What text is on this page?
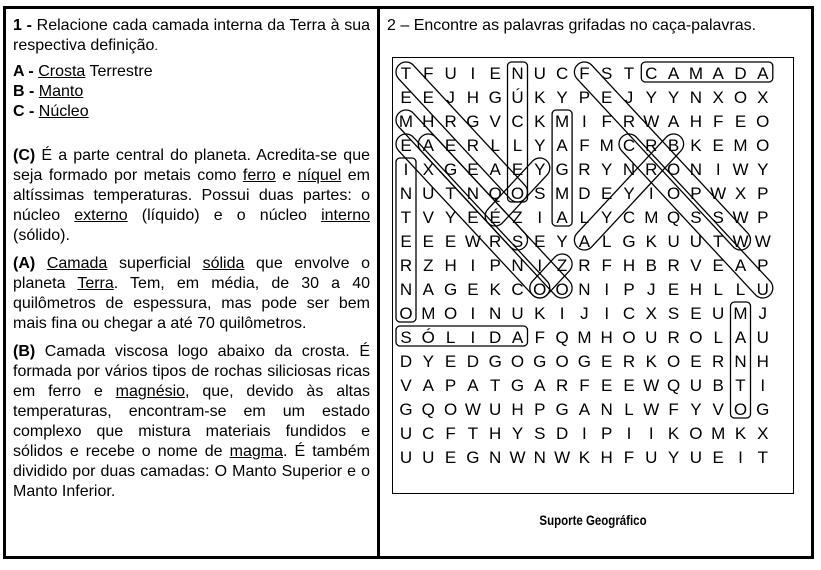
1 - Relacione cada camada interna da Terra à sua respectiva definição.

A - Crosta Terrestre

B - Manto

C - Núcleo

(C) É a parte central do planeta. Acredita-se que seja formado por metais como ferro e níquel em altíssimas temperaturas. Possui duas partes: o núcleo externo (líquido) e o núcleo interno (sólido).

(A) Camada superficial sólida que envolve o planeta Terra. Tem, em média, de 30 a 40 quilômetros de espessura, mas pode ser bem mais fina ou chegar a até 70 quilômetros.

(B) Camada viscosa logo abaixo da crosta. É formada por vários tipos de rochas siliciosas ricas em ferro e magnésio, que, devido às altas temperaturas, encontram-se em um estado complexo que mistura materiais fundidos e sólidos e recebe o nome de magma. É também dividido por duas camadas: O Manto Superior e o Manto Inferior.

2 – Encontre as palavras grifadas no caça-palavras.
T F U I E N U C F S T C A M A D A
E E J H G Ú K Y P E J Y Y N X O X
M H R G V C K M I F R W A H F E O
E A E R L L Y A F M C R B K E M O
I X G E A E Y G R Y N R O N I W Y
N U T N Q O S M D E Y I O P W X P
T V Y E É Z I A L Y C M Q S S W P
E E E W R S E Y A L G K U U T W W
R Z H I P N I Z R F H B R V E A P
N A G E K C O O N I P J E H L L U
O M O I N U K I J I C X S E U M J
S Ó L I D A F Q M H O U R O L A U
D Y E D G O G O G E R K O E R N H
V A P A T G A R F E E W Q U B T I
G Q O W U H P G A N L W F Y V O G
U C F T H Y S D I P I I K O M K X
U U E G N W N W K H F U Y U E I T
Suporte Geográfico
